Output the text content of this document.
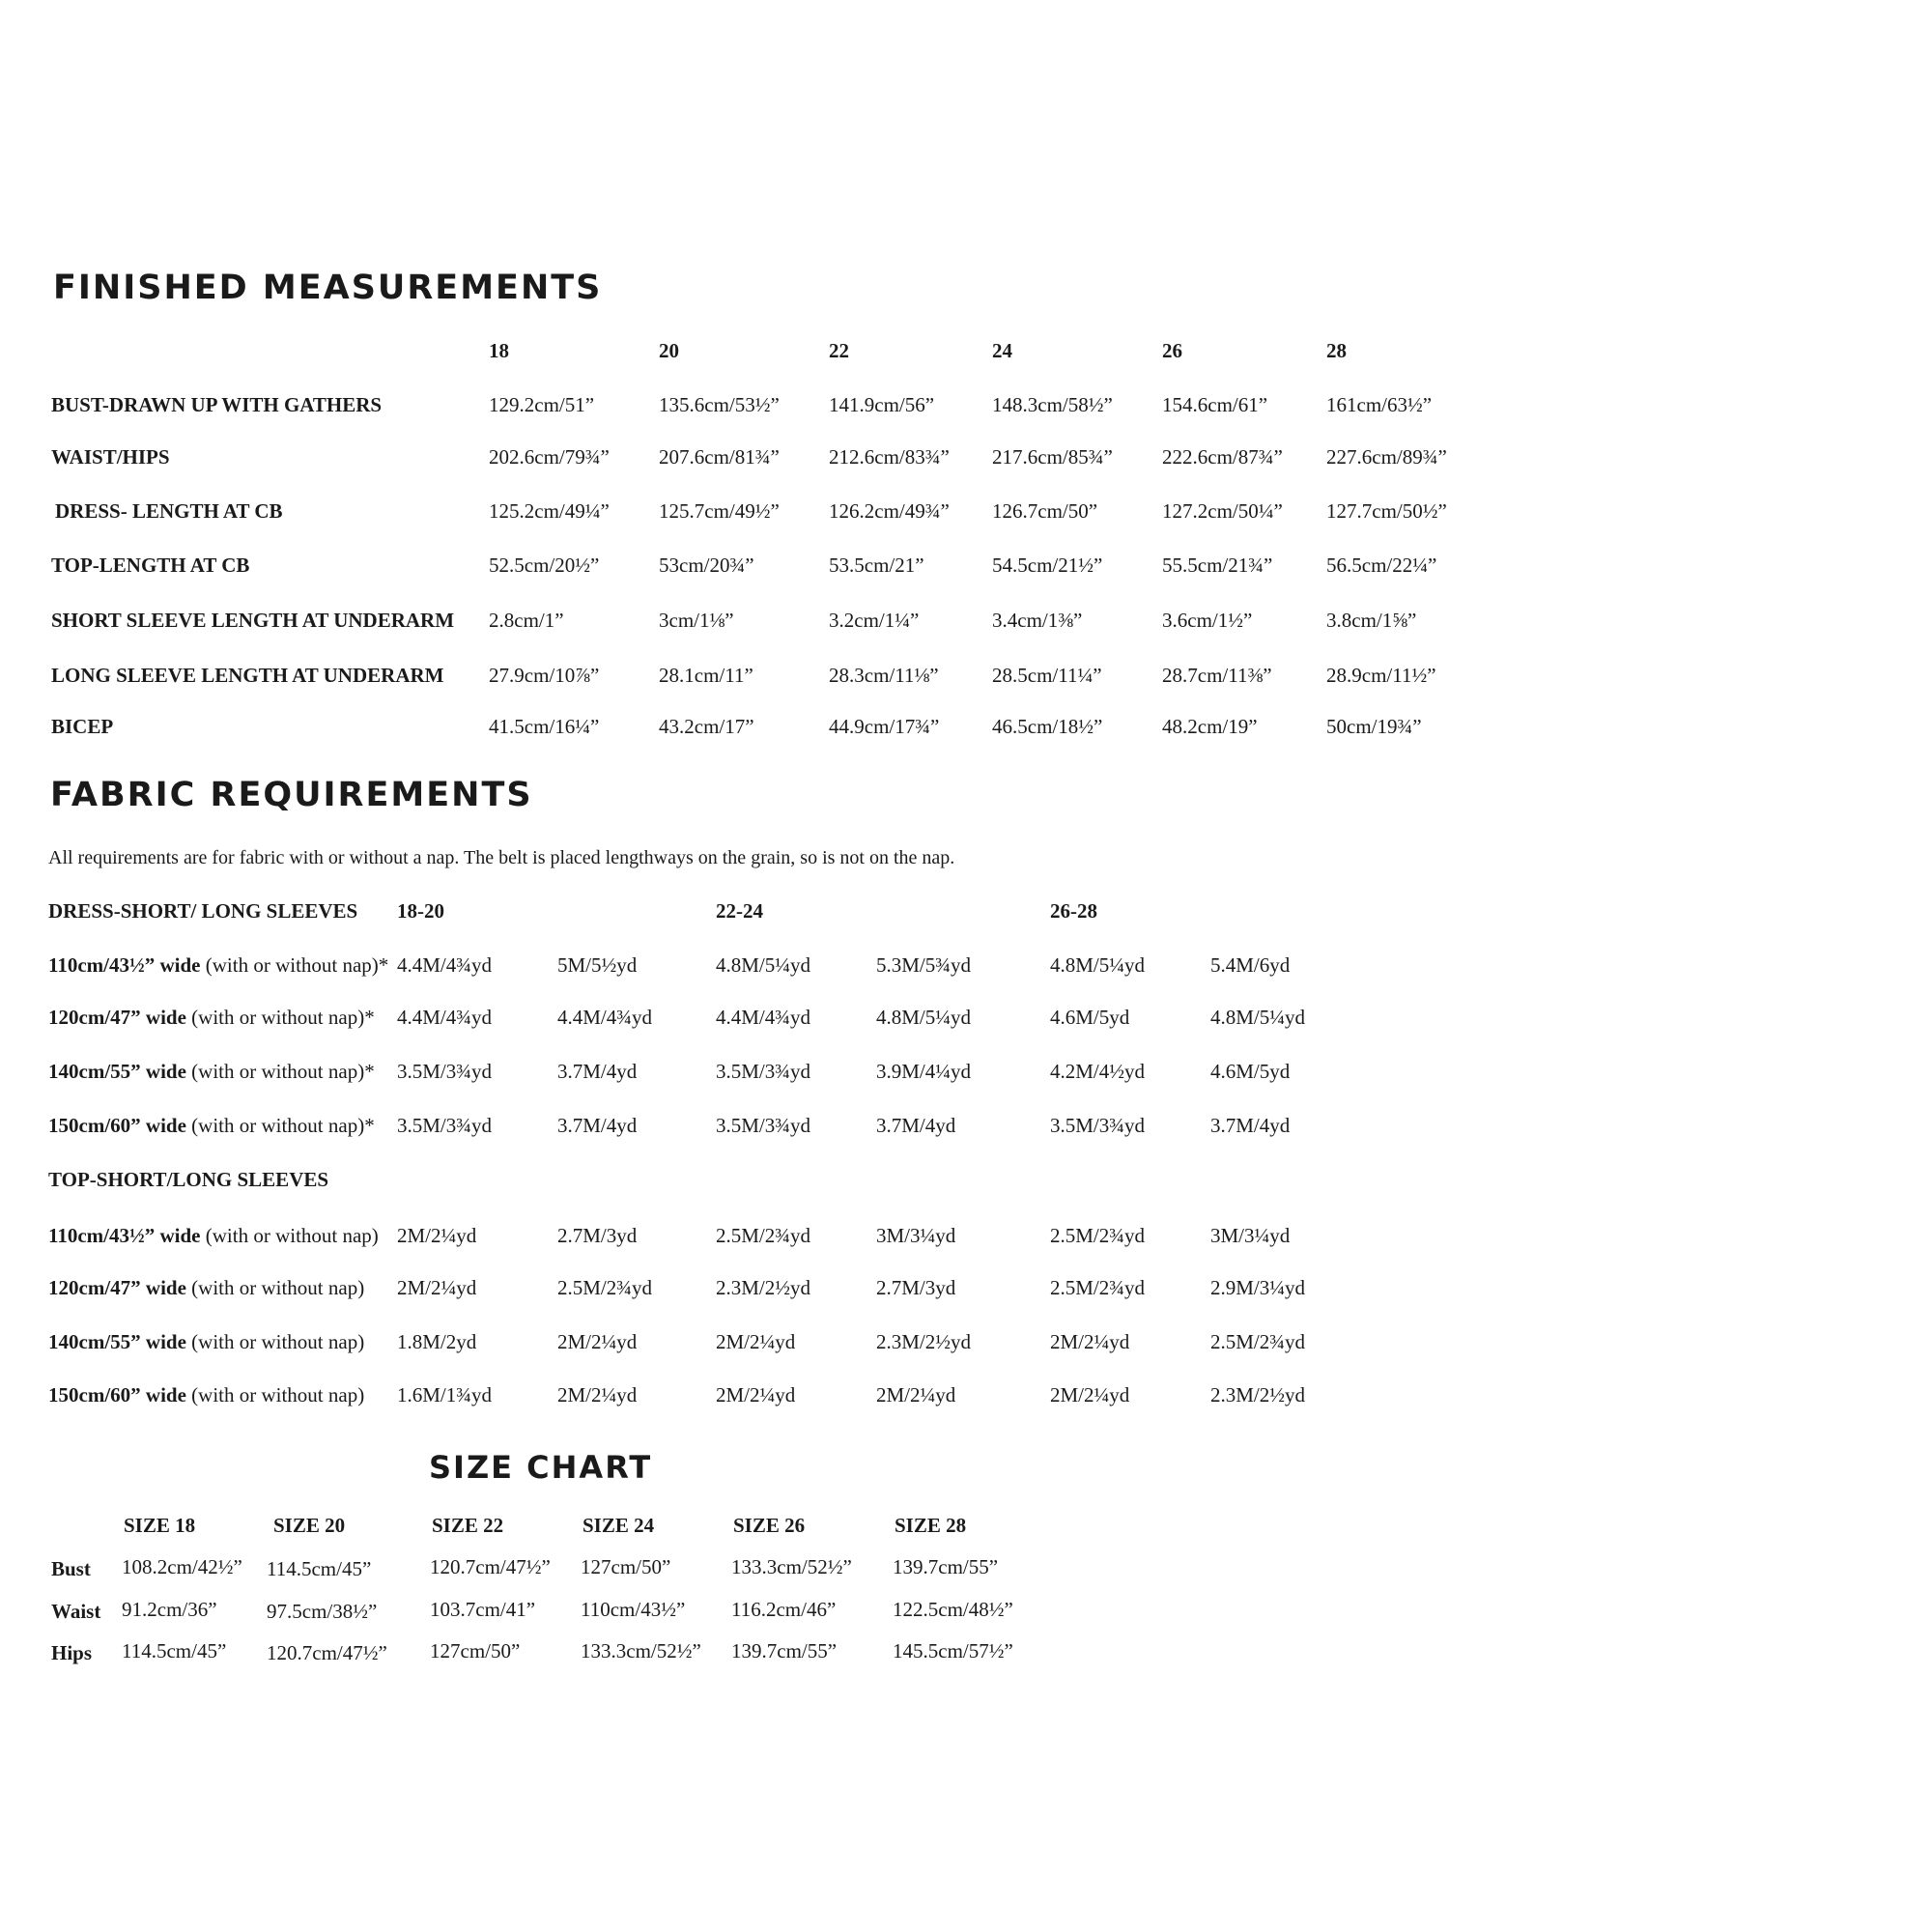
FINISHED MEASUREMENTS
18	20	22	24	26	28
BUST-DRAWN UP WITH GATHERS	129.2cm/51”	135.6cm/53½” 141.9cm/56”	148.3cm/58½” 154.6cm/61”	161cm/63½”
WAIST/HIPS	202.6cm/79¾” 207.6cm/81¾” 212.6cm/83¾” 217.6cm/85¾” 222.6cm/87¾” 227.6cm/89¾”
DRESS- LENGTH AT CB	125.2cm/49¼” 125.7cm/49½” 126.2cm/49¾” 126.7cm/50”	127.2cm/50¼” 127.7cm/50½”
TOP-LENGTH AT CB	52.5cm/20½”	53cm/20¾”	53.5cm/21”	54.5cm/21½”	55.5cm/21¾”	56.5cm/22¼”
SHORT SLEEVE LENGTH AT UNDERARM 2.8cm/1”	3cm/1⅛”	3.2cm/1¼”	3.4cm/1⅜”	3.6cm/1½”	3.8cm/1⅝”
LONG SLEEVE LENGTH AT UNDERARM 27.9cm/10⅞”	28.1cm/11”	28.3cm/11⅛”	28.5cm/11¼”	28.7cm/11⅜”	28.9cm/11½”
BICEP	41.5cm/16¼”	43.2cm/17”	44.9cm/17¾”	46.5cm/18½”	48.2cm/19”	50cm/19¾”
FABRIC REQUIREMENTS
All requirements are for fabric with or without a nap. The belt is placed lengthways on the grain, so is not on the nap.
DRESS-SHORT/ LONG SLEEVES 18-20	22-24	26-28
110cm/43½” wide (with or without nap)* 4.4M/4¾yd	5M/5½yd	4.8M/5¼yd	5.3M/5¾yd	4.8M/5¼yd	5.4M/6yd
120cm/47” wide (with or without nap)* 4.4M/4¾yd	4.4M/4¾yd	4.4M/4¾yd	4.8M/5¼yd	4.6M/5yd	4.8M/5¼yd
140cm/55” wide (with or without nap)* 3.5M/3¾yd	3.7M/4yd	3.5M/3¾yd	3.9M/4¼yd	4.2M/4½yd	4.6M/5yd
150cm/60” wide (with or without nap)* 3.5M/3¾yd	3.7M/4yd	3.5M/3¾yd	3.7M/4yd	3.5M/3¾yd	3.7M/4yd
TOP-SHORT/LONG SLEEVES
110cm/43½” wide (with or without nap) 2M/2¼yd	2.7M/3yd	2.5M/2¾yd	3M/3¼yd	2.5M/2¾yd	3M/3¼yd
120cm/47” wide (with or without nap) 2M/2¼yd	2.5M/2¾yd	2.3M/2½yd	2.7M/3yd	2.5M/2¾yd	2.9M/3¼yd
140cm/55” wide (with or without nap) 1.8M/2yd	2M/2¼yd	2M/2¼yd	2.3M/2½yd	2M/2¼yd	2.5M/2¾yd
150cm/60” wide (with or without nap) 1.6M/1¾yd	2M/2¼yd	2M/2¼yd	2M/2¼yd	2M/2¼yd	2.3M/2½yd
SIZE CHART
SIZE 18	SIZE 20	SIZE 22	SIZE 24	SIZE 26	SIZE 28
Bust 108.2cm/42½” 114.5cm/45”	120.7cm/47½” 127cm/50”	133.3cm/52½” 139.7cm/55”
Waist 91.2cm/36” 97.5cm/38½”	103.7cm/41” 110cm/43½” 116.2cm/46”	122.5cm/48½”
Hips 114.5cm/45” 120.7cm/47½” 127cm/50”	133.3cm/52½” 139.7cm/55”	145.5cm/57½”
